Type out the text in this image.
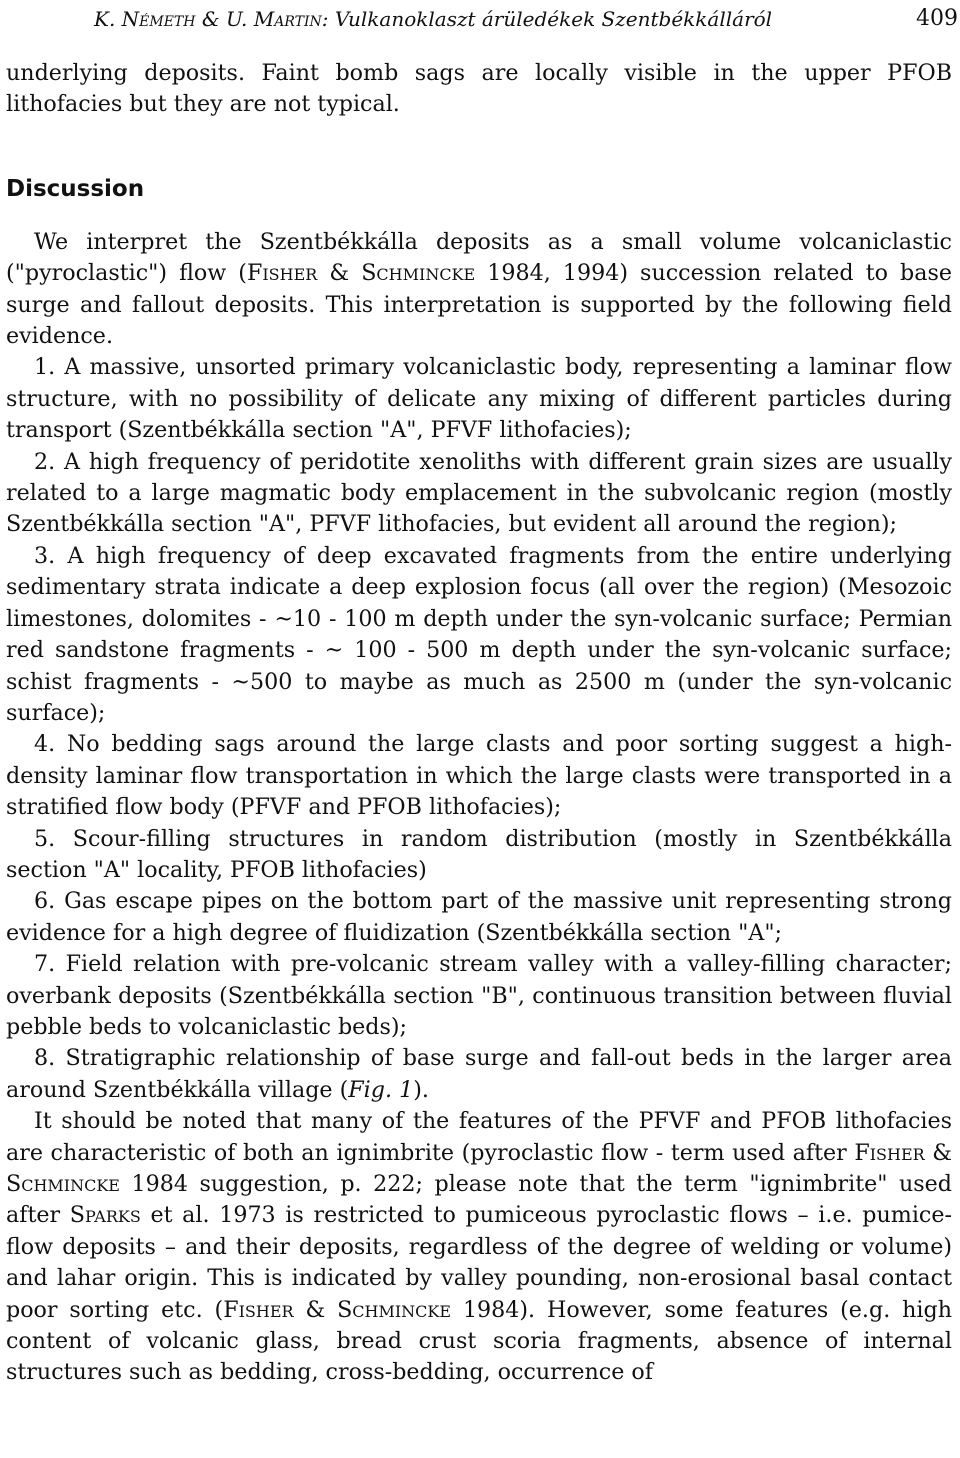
K. Németh & U. Martin: Vulkanoklaszt árüledékek Szentbékkálláról	409

underlying deposits. Faint bomb sags are locally visible in the upper PFOB lithofacies but they are not typical.

Discussion

We interpret the Szentbékkálla deposits as a small volume volcaniclastic ("pyroclastic") flow (Fisher & Schmincke 1984, 1994) succession related to base surge and fallout deposits. This interpretation is supported by the following field evidence.

1. A massive, unsorted primary volcaniclastic body, representing a laminar flow structure, with no possibility of delicate any mixing of different particles during transport (Szentbékkálla section "A", PFVF lithofacies);

2. A high frequency of peridotite xenoliths with different grain sizes are usually related to a large magmatic body emplacement in the subvolcanic region (mostly Szentbékkálla section "A", PFVF lithofacies, but evident all around the region);

3. A high frequency of deep excavated fragments from the entire underlying sedimentary strata indicate a deep explosion focus (all over the region) (Mesozoic limestones, dolomites - ~10 - 100 m depth under the syn-volcanic surface; Permian red sandstone fragments - ~ 100 - 500 m depth under the syn-volcanic surface; schist fragments - ~500 to maybe as much as 2500 m (under the syn-volcanic surface);

4. No bedding sags around the large clasts and poor sorting suggest a high-density laminar flow transportation in which the large clasts were transported in a stratified flow body (PFVF and PFOB lithofacies);

5. Scour-filling structures in random distribution (mostly in Szentbékkálla section "A" locality, PFOB lithofacies)

6. Gas escape pipes on the bottom part of the massive unit representing strong evidence for a high degree of fluidization (Szentbékkálla section "A";

7. Field relation with pre-volcanic stream valley with a valley-filling character; overbank deposits (Szentbékkálla section "B", continuous transition between fluvial pebble beds to volcaniclastic beds);

8. Stratigraphic relationship of base surge and fall-out beds in the larger area around Szentbékkálla village (Fig. 1).

It should be noted that many of the features of the PFVF and PFOB lithofacies are characteristic of both an ignimbrite (pyroclastic flow - term used after Fisher & Schmincke 1984 suggestion, p. 222; please note that the term "ignimbrite" used after Sparks et al. 1973 is restricted to pumiceous pyroclastic flows – i.e. pumice-flow deposits – and their deposits, regardless of the degree of welding or volume) and lahar origin. This is indicated by valley pounding, non-erosional basal contact poor sorting etc. (Fisher & Schmincke 1984). However, some features (e.g. high content of volcanic glass, bread crust scoria fragments, absence of internal structures such as bedding, cross-bedding, occurrence of
